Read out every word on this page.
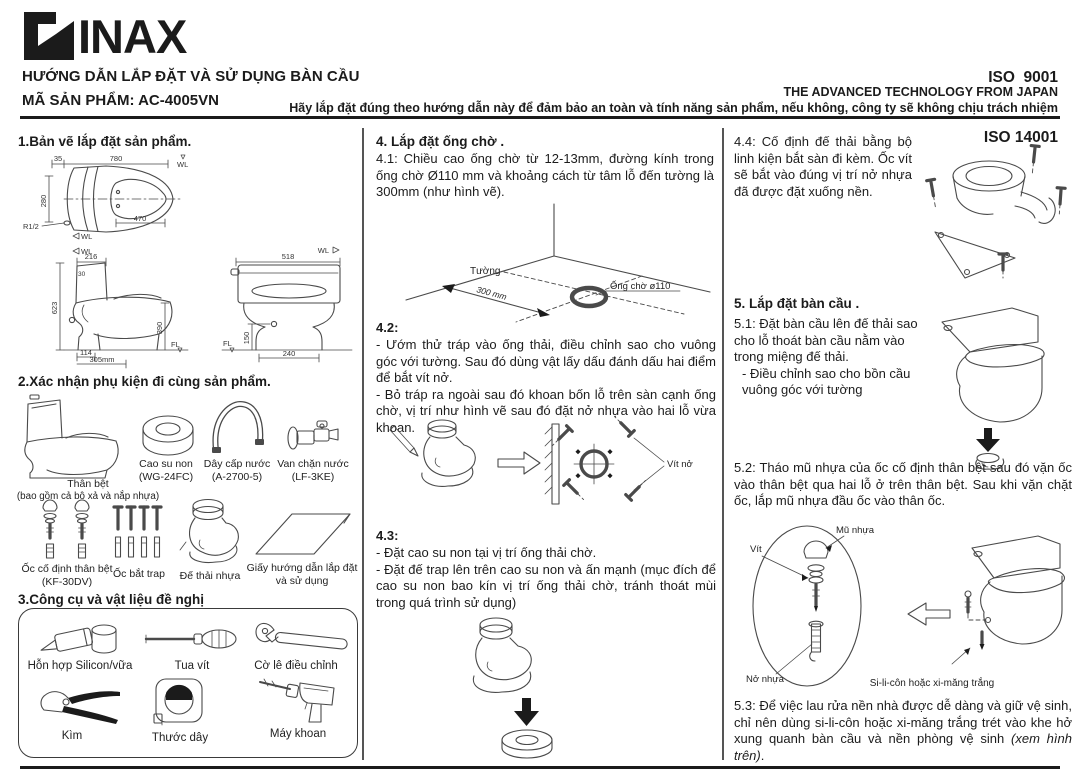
INAX
HƯỚNG DẪN LẮP ĐẶT VÀ SỬ DỤNG BÀN CẦU
MÃ SẢN PHẨM: AC-4005VN

ISO  9001

ISO 14001

THE ADVANCED TECHNOLOGY FROM JAPAN
Hãy lắp đặt đúng theo hướng dẫn này để đảm bảo an toàn và tính năng sản phẩm, nếu không, công ty sẽ không chịu trách nhiệm
1.Bản vẽ lắp đặt sản phẩm.
35	780
WL
280
R1/2
470
WL
WL
216
30
623
390
FL
114
305mm
WL
518
150
FL
240
2.Xác nhận phụ kiện đi cùng sản phẩm.
Thân bệt
(bao gồm cả bộ xả và nắp nhựa)
Cao su non
(WG-24FC)
Dây cấp nước
(A-2700-5)
Van chặn nước
(LF-3KE)
Ốc cố định thân bệt
(KF-30DV)
Ốc bắt trap	Đế thải nhựa
Giấy hướng dẫn lắp đặt
và sử dụng
3.Công cụ và vật liệu đề nghị
Hỗn hợp Silicon/vữa	Tua vít	Cờ lê điều chỉnh
Kìm	Thước dây	Máy khoan
4. Lắp đặt ống chờ .
4.1: Chiều cao ống chờ từ 12-13mm, đường kính trong ống chờ Ø110 mm và khoảng cách từ tâm lỗ đến tường là 300mm (như hình vẽ).
Ống chờ ø110
300 mm
Tường
4.2:

- Ướm thử tráp vào ống thải, điều chỉnh sao cho vuông góc với tường. Sau đó dùng vật lấy dấu đánh dấu hai điểm để bắt vít nở.

- Bỏ tráp ra ngoài sau đó khoan bốn lỗ trên sàn cạnh ống chờ, vị trí như hình vẽ sau đó đặt nở nhựa vào hai lỗ vừa khoan.

Vít nở
4.3:

- Đặt cao su non tại vị trí ống thải chờ.

- Đặt đế trap lên trên cao su non và ấn mạnh (mục đích để cao su non bao kín vị trí ống thải chờ, tránh thoát mùi trong quá trình sử dụng)

4.4: Cố định đế thải bằng bộ linh kiện bắt sàn đi kèm. Ốc vít sẽ bắt vào đúng vị trí nở nhựa đã được đặt xuống nền.
5. Lắp đặt bàn cầu .

5.1: Đặt bàn cầu lên đế thải sao cho lỗ thoát bàn cầu nằm vào trong miệng đế thải.

- Điều chỉnh sao cho bồn cầu vuông góc với tường

5.2: Tháo mũ nhựa của ốc cố định thân bệt sau đó vặn ốc vào thân bệt qua hai lỗ ở trên thân bệt. Sau khi vặn chặt ốc, lắp mũ nhựa đầu ốc vào thân ốc.
Mũ nhựa
Vít
Nở nhựa	Si-li-côn hoặc xi-măng trắng
5.3: Để việc lau rửa nền nhà được dễ dàng và giữ vệ sinh, chỉ nên dùng si-li-côn hoặc xi-măng trắng trét vào khe hở xung quanh bàn cầu và nền phòng vệ sinh (xem hình trên).
